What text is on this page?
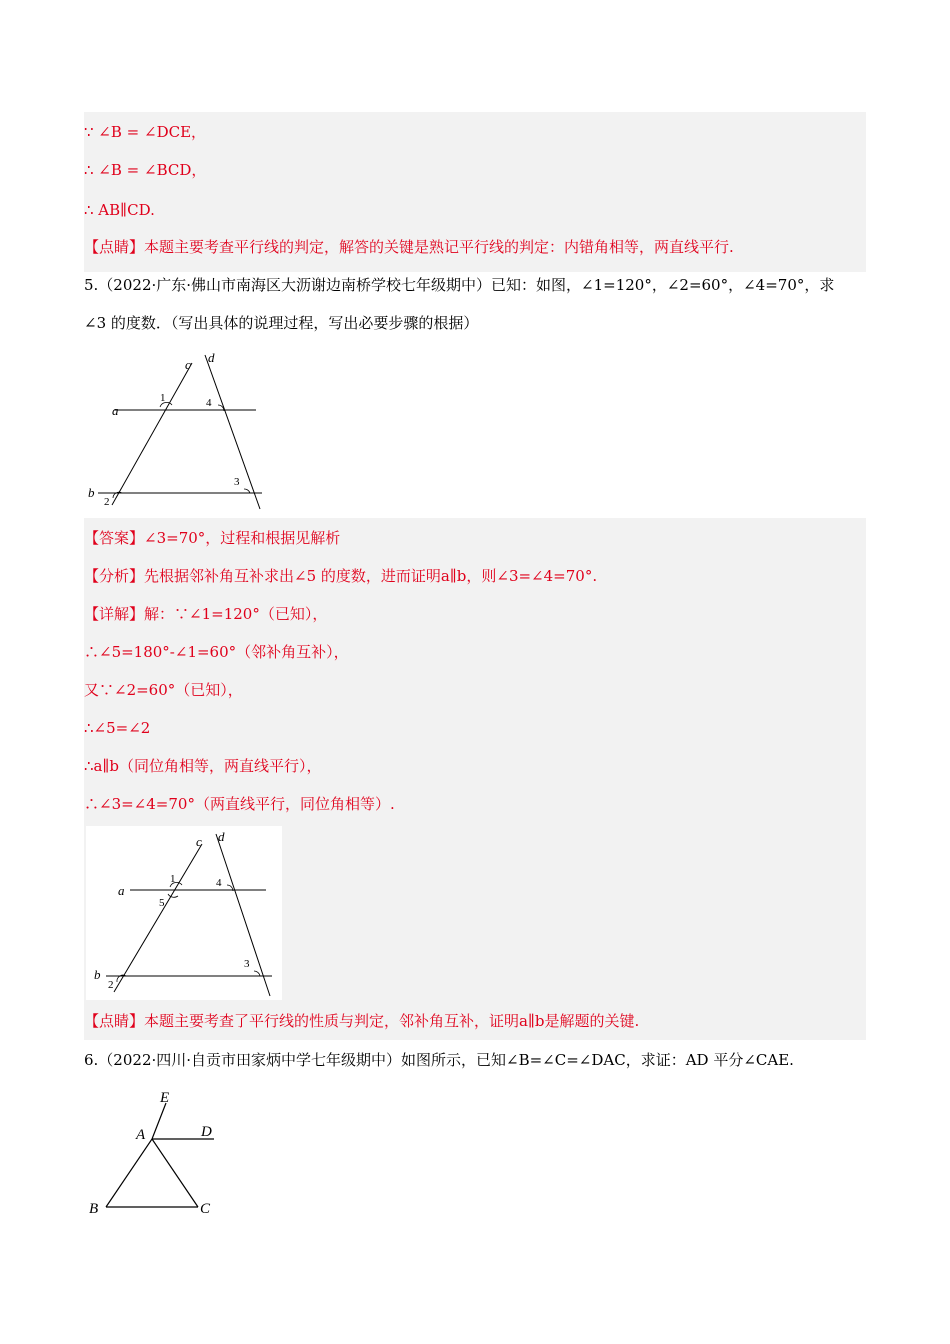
∵ ∠B = ∠DCE，
∴ ∠B = ∠BCD，
∴ AB∥CD.
【点睛】本题主要考查平行线的判定，解答的关键是熟记平行线的判定：内错角相等，两直线平行.
5.（2022·广东·佛山市南海区大沥谢边南桥学校七年级期中）已知：如图，∠1=120°，∠2=60°，∠4=70°，求
∠3 的度数．（写出具体的说理过程，写出必要步骤的根据）
c d
a
b
1
2
3
4
【答案】∠3=70°，过程和根据见解析
【分析】先根据邻补角互补求出∠5 的度数，进而证明a∥b，则∠3=∠4=70°.
【详解】解：∵∠1=120°（已知），
∴∠5=180°-∠1=60°（邻补角互补），
又∵∠2=60°（已知），
∴∠5=∠2
∴a∥b（同位角相等，两直线平行），
∴∠3=∠4=70°（两直线平行，同位角相等）.
c d
a
b
1
2
3
4
5
【点睛】本题主要考查了平行线的性质与判定，邻补角互补，证明a∥b是解题的关键.
6.（2022·四川·自贡市田家炳中学七年级期中）如图所示，已知∠B=∠C=∠DAC，求证：AD 平分∠CAE.
E
D
A
B	C
